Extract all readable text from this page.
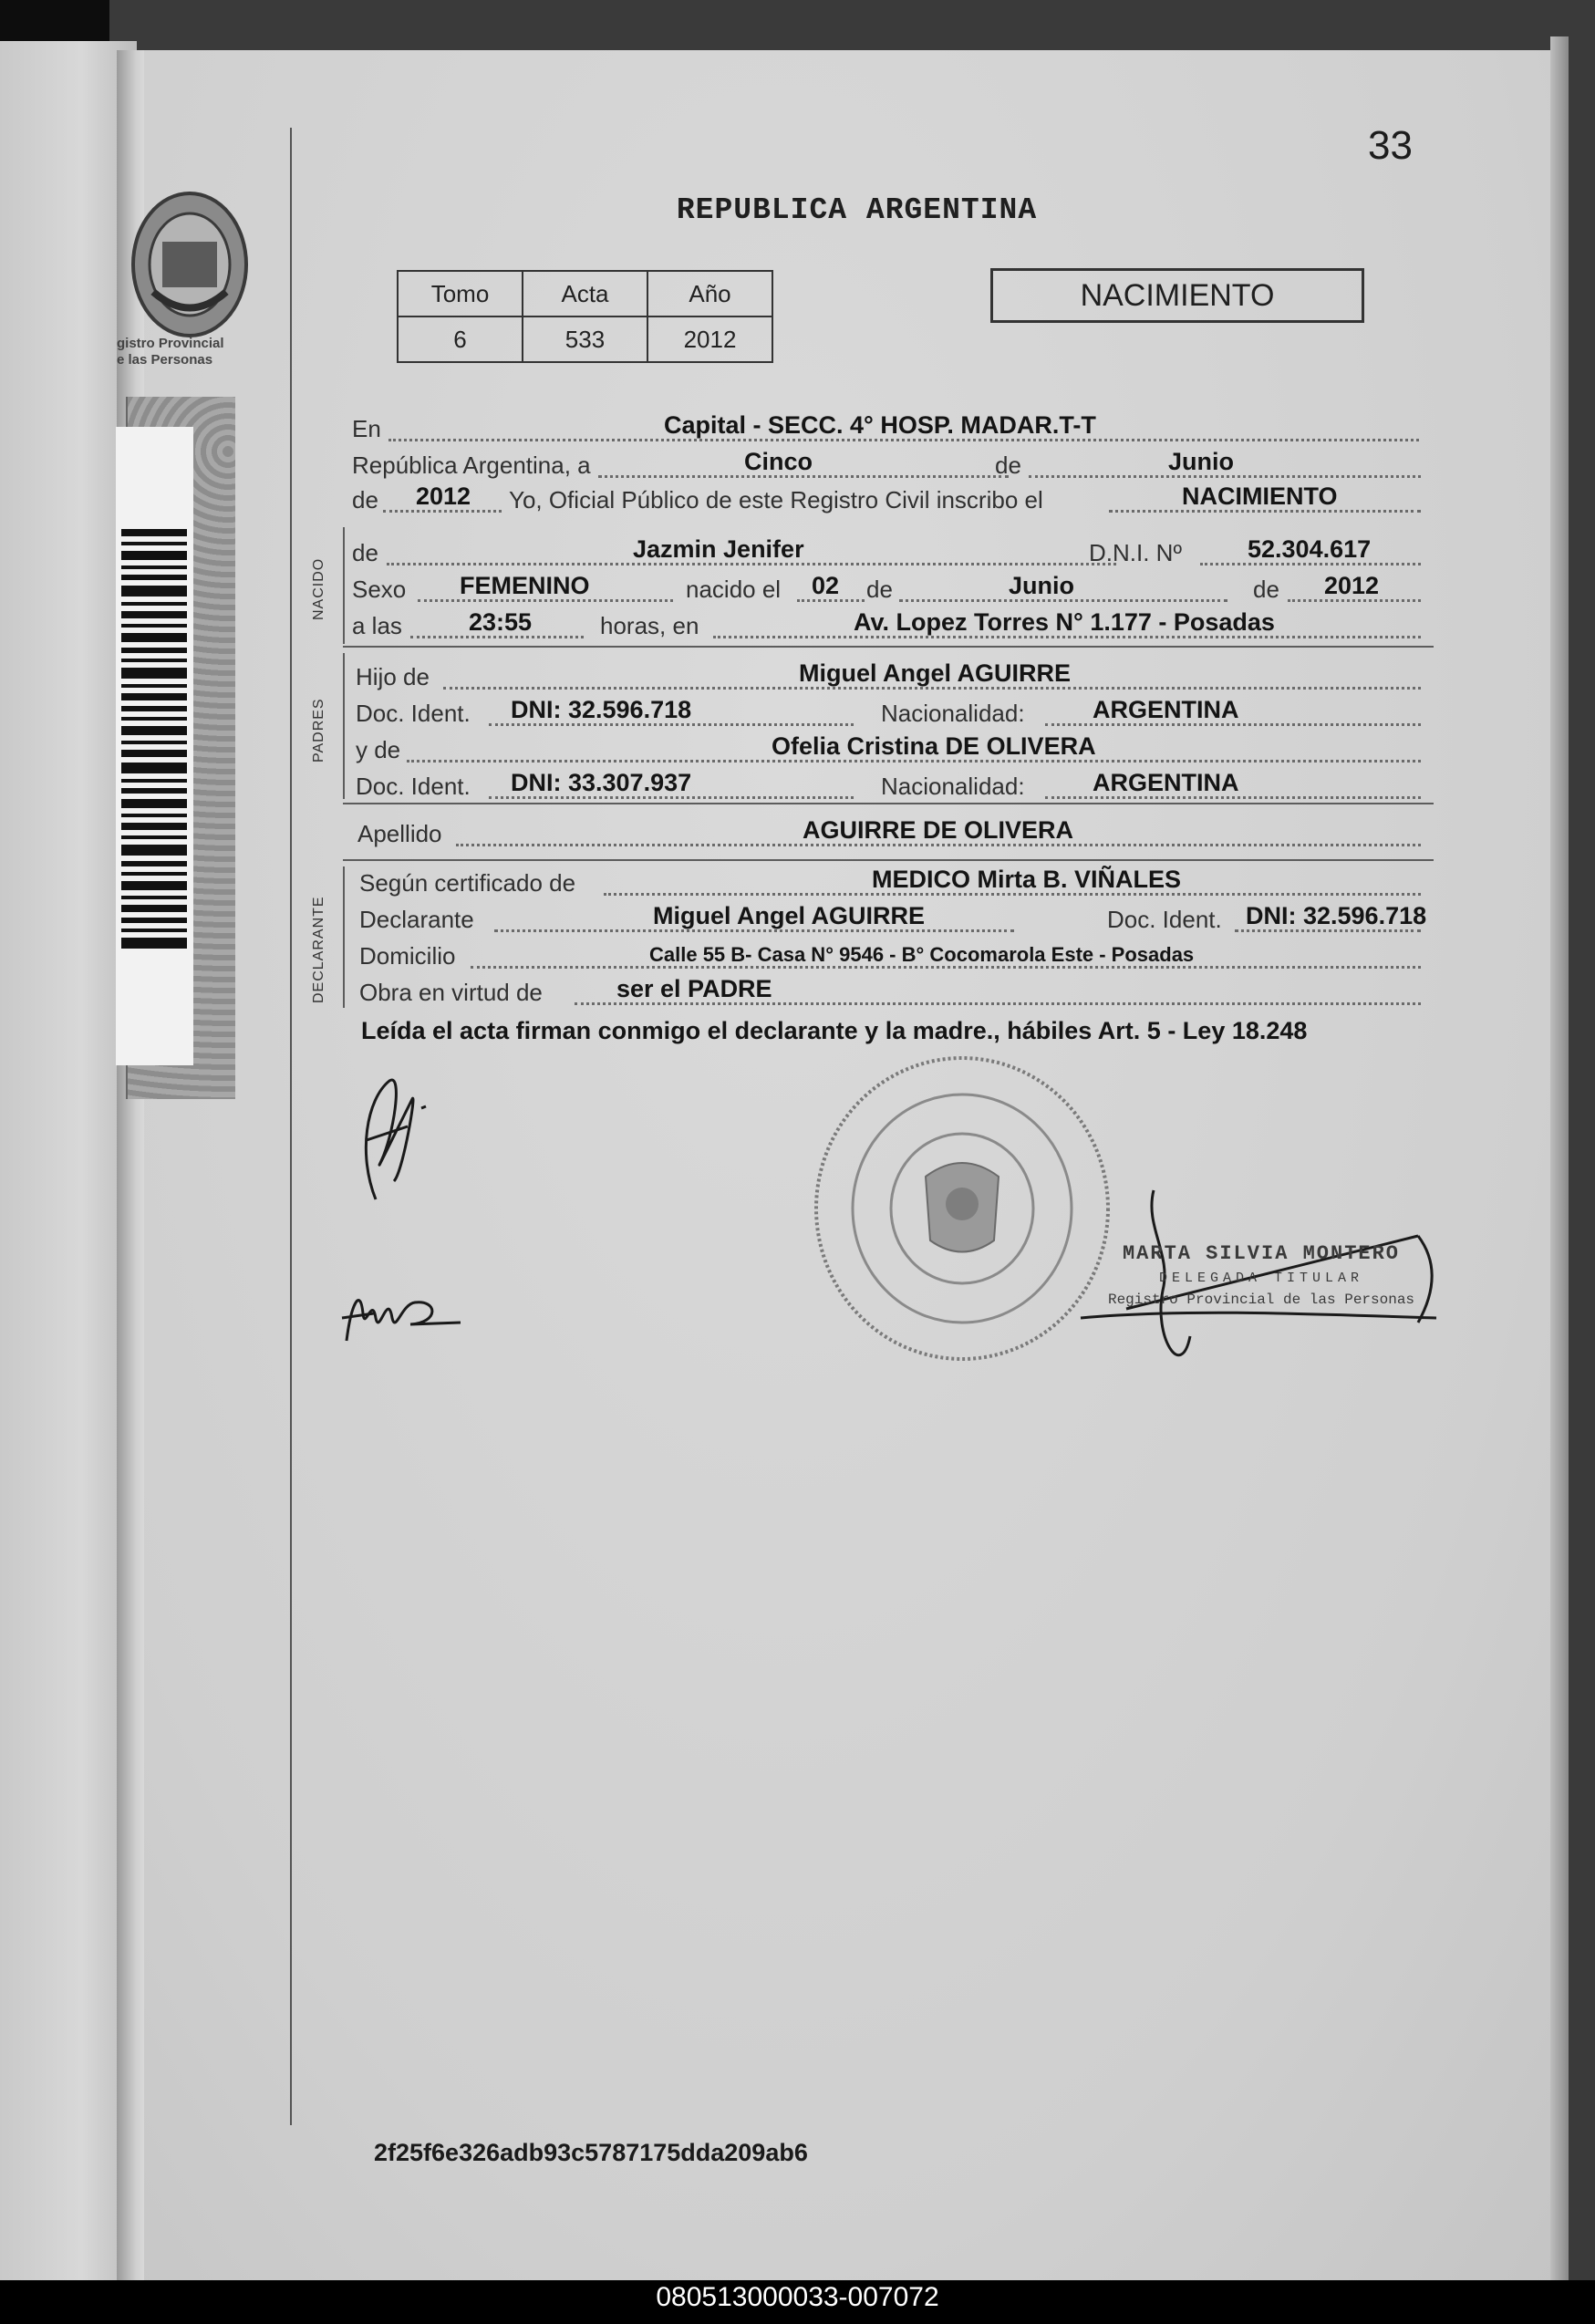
gistro Provincial
e las Personas
33
REPUBLICA ARGENTINA
Tomo	Acta	Año
6	533	2012
NACIMIENTO
En	Capital - SECC. 4° HOSP. MADAR.T-T
República Argentina, a	Cinco	de	Junio
de 2012 Yo, Oficial Público de este Registro Civil inscribo el	NACIMIENTO
NACIDO
de	Jazmin Jenifer	D.N.I. Nº	52.304.617
Sexo FEMENINO	nacido el 02 de	Junio	de 2012
a las	23:55	horas, en	Av. Lopez Torres N° 1.177 - Posadas
PADRES
Hijo de	Miguel Angel AGUIRRE
Doc. Ident. DNI: 32.596.718	Nacionalidad:	ARGENTINA
y de	Ofelia Cristina DE OLIVERA
Doc. Ident. DNI: 33.307.937	Nacionalidad:	ARGENTINA
Apellido	AGUIRRE DE OLIVERA
DECLARANTE
Según certificado de	MEDICO Mirta B. VIÑALES
Declarante	Miguel Angel AGUIRRE	Doc. Ident. DNI: 32.596.718
Domicilio	Calle 55 B- Casa N° 9546 - B° Cocomarola Este - Posadas
Obra en virtud de	ser el PADRE
Leída el acta firman conmigo el declarante y la madre., hábiles Art. 5 - Ley 18.248
MARTA SILVIA MONTERO
DELEGADA TITULAR
Registro Provincial de las Personas
2f25f6e326adb93c5787175dda209ab6
080513000033-007072
